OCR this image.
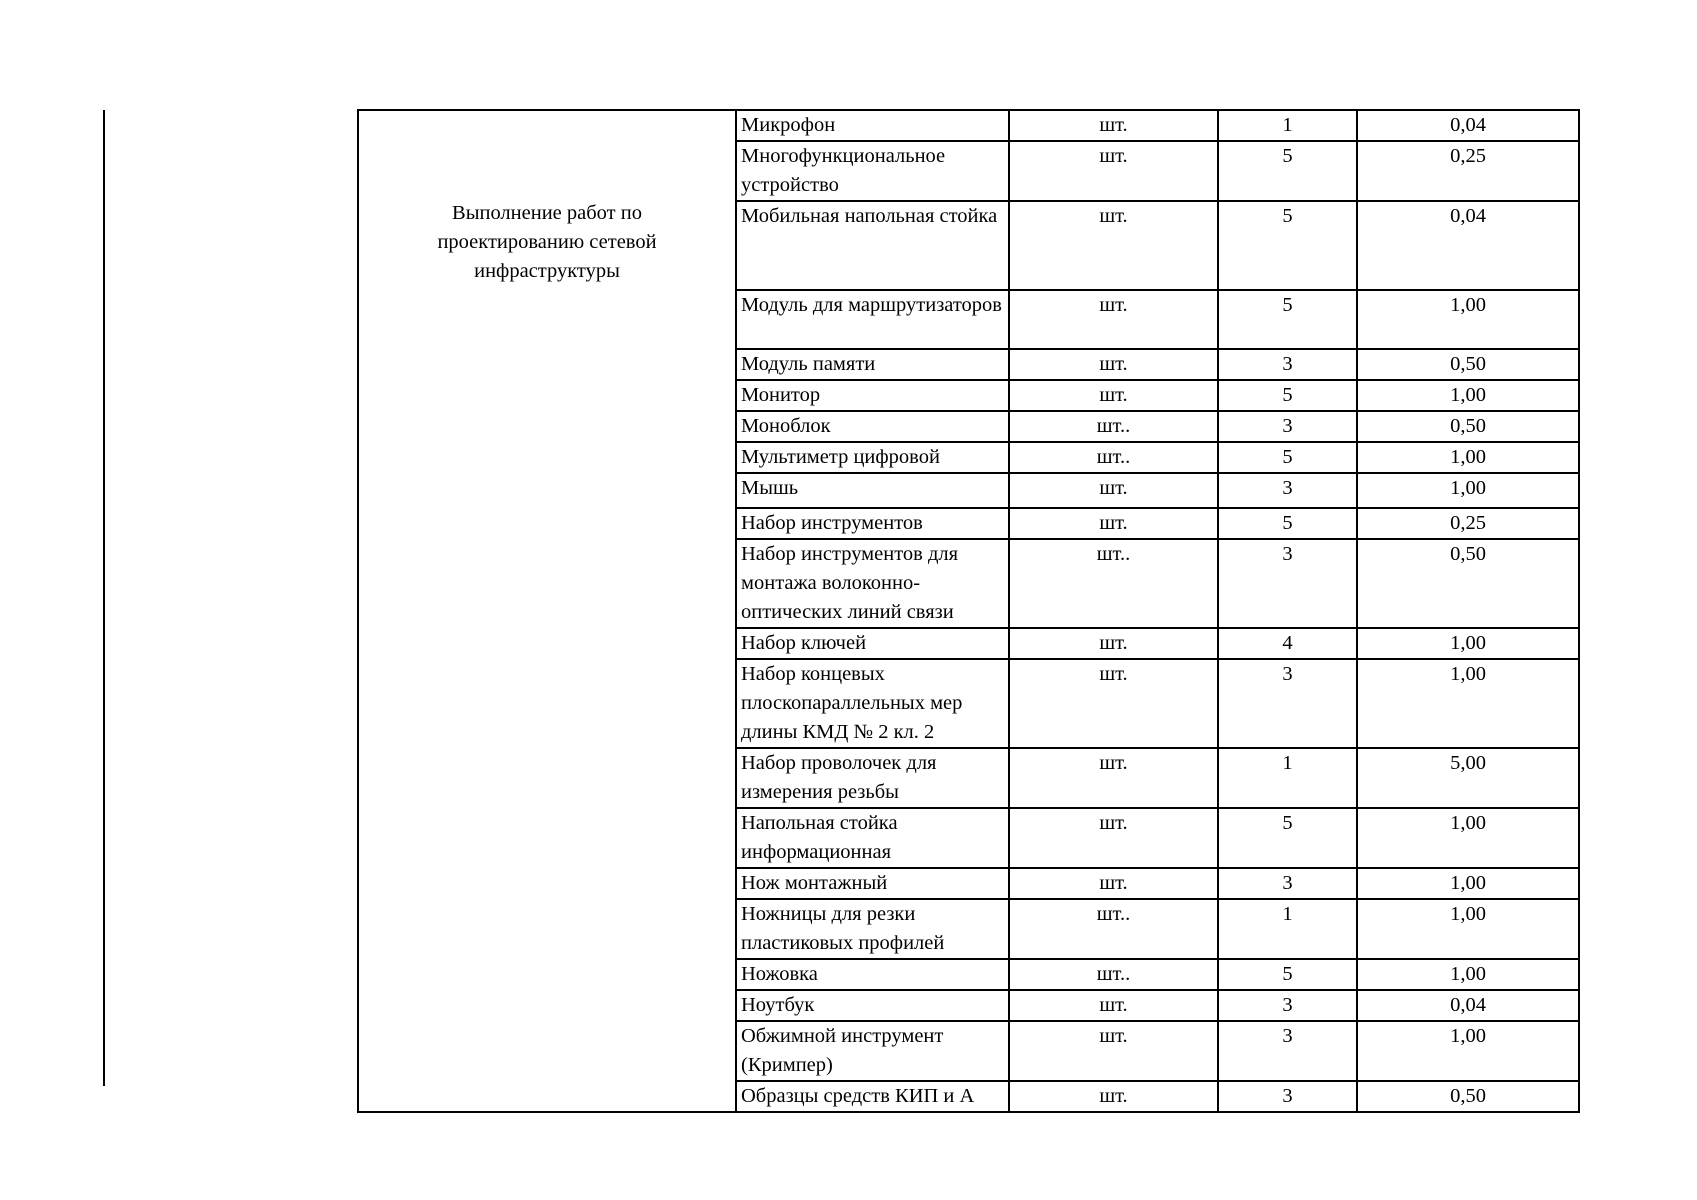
Выполнение работ по проектированию сетевой инфраструктуры	Микрофон	шт.	1	0,04
	Многофункциональное устройство	шт.	5	0,25
	Мобильная напольная стойка	шт.	5	0,04
	Модуль для маршрутизаторов	шт.	5	1,00
	Модуль памяти	шт.	3	0,50
	Монитор	шт.	5	1,00
	Моноблок	шт..	3	0,50
	Мультиметр цифровой	шт..	5	1,00
	Мышь	шт.	3	1,00
	Набор инструментов	шт.	5	0,25
	Набор инструментов для монтажа волоконно-оптических линий связи	шт..	3	0,50
	Набор ключей	шт.	4	1,00
	Набор концевых плоскопараллельных мер длины КМД № 2 кл. 2	шт.	3	1,00
	Набор проволочек для измерения резьбы	шт.	1	5,00
	Напольная стойка информационная	шт.	5	1,00
	Нож монтажный	шт.	3	1,00
	Ножницы для резки пластиковых профилей	шт..	1	1,00
	Ножовка	шт..	5	1,00
	Ноутбук	шт.	3	0,04
	Обжимной инструмент (Кримпер)	шт.	3	1,00
	Образцы средств КИП и А	шт.	3	0,50
